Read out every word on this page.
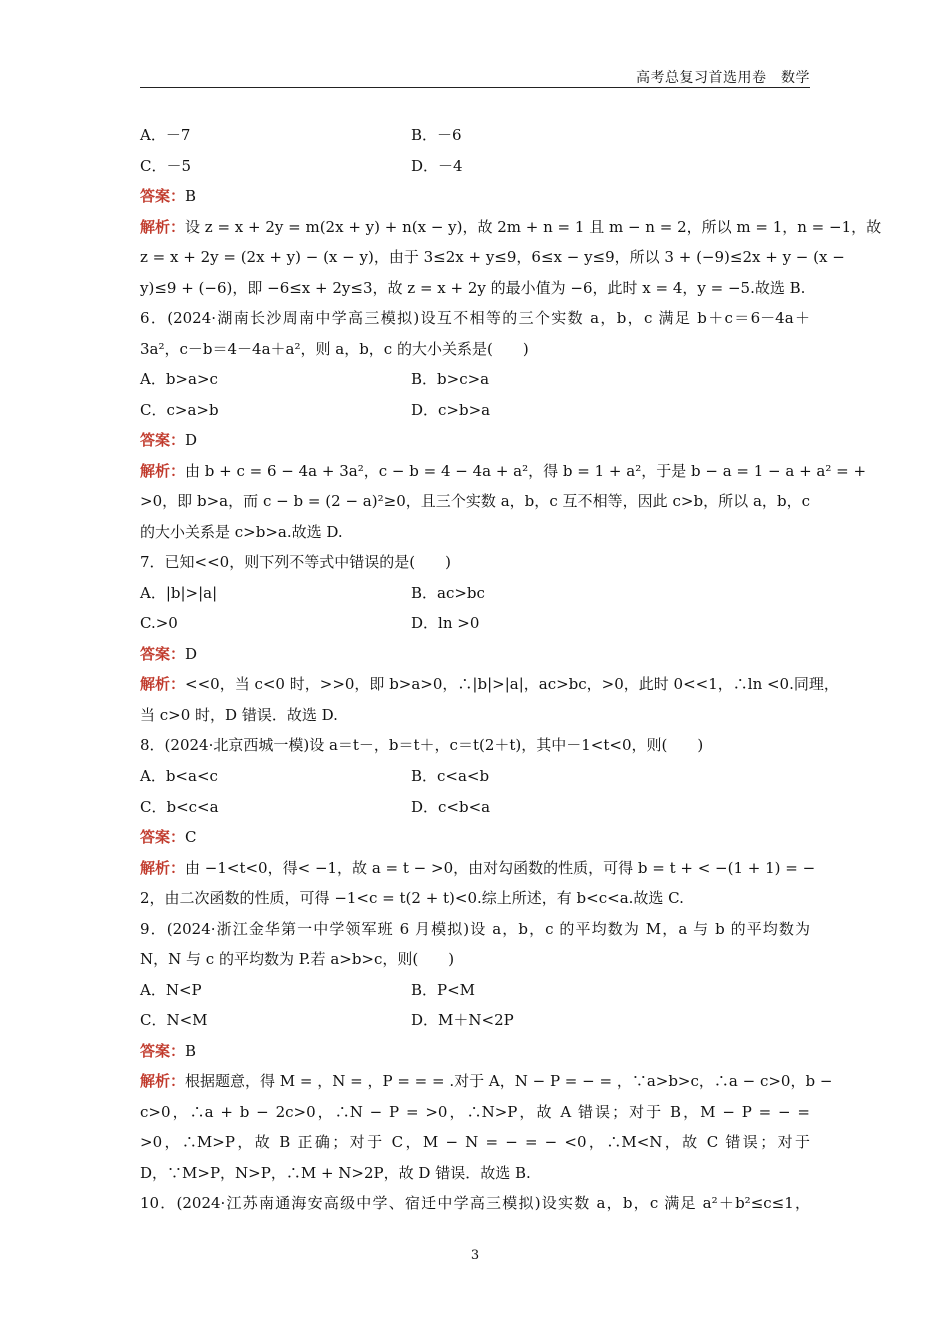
高考总复习首选用卷　数学
A．－7	B．－6
C．－5	D．－4
答案：B
解析：设 z = x + 2y = m(2x + y) + n(x − y)，故 2m + n = 1 且 m − n = 2，所以 m = 1，n = −1，故
z = x + 2y = (2x + y) − (x − y)，由于 3≤2x + y≤9，6≤x − y≤9，所以 3 + (−9)≤2x + y − (x −
y)≤9 + (−6)，即 −6≤x + 2y≤3，故 z = x + 2y 的最小值为 −6，此时 x = 4，y = −5.故选 B.
6．(2024·湖南长沙周南中学高三模拟)设互不相等的三个实数 a，b，c 满足 b＋c＝6－4a＋
3a²，c－b＝4－4a＋a²，则 a，b，c 的大小关系是(　　)
A．b>a>c	B．b>c>a
C．c>a>b	D．c>b>a
答案：D
解析：由 b + c = 6 − 4a + 3a²，c − b = 4 − 4a + a²，得 b = 1 + a²，于是 b − a = 1 − a + a² = +
>0，即 b>a，而 c − b = (2 − a)²≥0，且三个实数 a，b，c 互不相等，因此 c>b，所以 a，b，c
的大小关系是 c>b>a.故选 D.
7．已知<<0，则下列不等式中错误的是(　　)
A．|b|>|a|	B．ac>bc
C.>0	D．ln >0
答案：D
解析：<<0，当 c<0 时，>>0，即 b>a>0，∴|b|>|a|，ac>bc，>0，此时 0<<1，∴ln <0.同理，
当 c>0 时，D 错误．故选 D.
8．(2024·北京西城一模)设 a＝t－，b＝t＋，c＝t(2＋t)，其中－1<t<0，则(　　)
A．b<a<c	B．c<a<b
C．b<c<a	D．c<b<a
答案：C
解析：由 −1<t<0，得< −1，故 a = t − >0，由对勾函数的性质，可得 b = t + < −(1 + 1) = −
2，由二次函数的性质，可得 −1<c = t(2 + t)<0.综上所述，有 b<c<a.故选 C.
9．(2024·浙江金华第一中学领军班 6 月模拟)设 a，b，c 的平均数为 M，a 与 b 的平均数为
N，N 与 c 的平均数为 P.若 a>b>c，则(　　)
A．N<P	B．P<M
C．N<M	D．M＋N<2P
答案：B
解析：根据题意，得 M = ，N = ，P = = = .对于 A，N − P = − = ，∵a>b>c，∴a − c>0，b −
c>0，∴a + b − 2c>0，∴N − P = >0，∴N>P，故 A 错误；对于 B，M − P = − =
>0，∴M>P，故 B 正确；对于 C，M − N = − = − <0，∴M<N，故 C 错误；对于
D，∵M>P，N>P，∴M + N>2P，故 D 错误．故选 B.
10．(2024·江苏南通海安高级中学、宿迁中学高三模拟)设实数 a，b，c 满足 a²＋b²≤c≤1，
3
